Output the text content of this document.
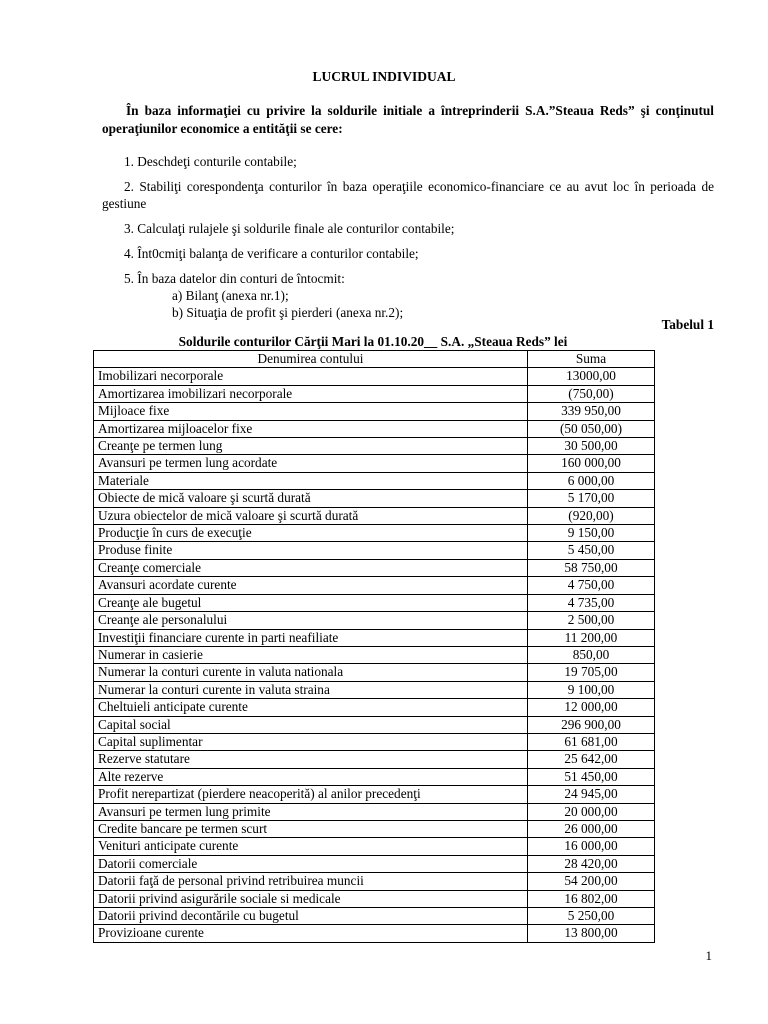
LUCRUL INDIVIDUAL
În baza informaţiei cu privire la soldurile initiale a întreprinderii S.A.”Steaua Reds” şi conţinutul operaţiunilor economice a entităţii se cere:

1. Deschdeţi conturile contabile;

2. Stabiliţi corespondenţa conturilor în baza operaţiile economico-financiare ce au avut loc în perioada de gestiune

3. Calculaţi rulajele şi soldurile finale ale conturilor contabile;

4. Înt0cmiţi balanţa de verificare a conturilor contabile;

5. În baza datelor din conturi de întocmit:

a) Bilanţ (anexa nr.1);

b) Situaţia de profit şi pierderi (anexa nr.2);

Tabelul 1
Soldurile conturilor Cărţii Mari la 01.10.20__ S.A. „Steaua Reds” lei
Denumirea contului	Suma
Imobilizari necorporale	13000,00
Amortizarea imobilizari necorporale	(750,00)
Mijloace fixe	339 950,00
Amortizarea mijloacelor fixe	(50 050,00)
Creanţe pe termen lung	30 500,00
Avansuri pe termen lung acordate	160 000,00
Materiale	6 000,00
Obiecte de mică valoare şi scurtă durată	5 170,00
Uzura obiectelor de mică valoare şi scurtă durată	(920,00)
Producţie în curs de execuţie	9 150,00
Produse finite	5 450,00
Creanţe comerciale	58 750,00
Avansuri acordate curente	4 750,00
Creanţe ale bugetul	4 735,00
Creanţe ale personalului	2 500,00
Investiţii financiare curente in parti neafiliate	11 200,00
Numerar in casierie	850,00
Numerar la conturi curente in valuta nationala	19 705,00
Numerar la conturi curente in valuta straina	9 100,00
Cheltuieli anticipate curente	12 000,00
Capital social	296 900,00
Capital suplimentar	61 681,00
Rezerve statutare	25 642,00
Alte rezerve	51 450,00
Profit nerepartizat (pierdere neacoperită) al anilor precedenţi	24 945,00
Avansuri pe termen lung primite	20 000,00
Credite bancare pe termen scurt	26 000,00
Venituri anticipate curente	16 000,00
Datorii comerciale	28 420,00
Datorii faţă de personal privind retribuirea muncii	54 200,00
Datorii privind asigurările sociale si medicale	16 802,00
Datorii privind decontările cu bugetul	5 250,00
Provizioane curente	13 800,00
1
